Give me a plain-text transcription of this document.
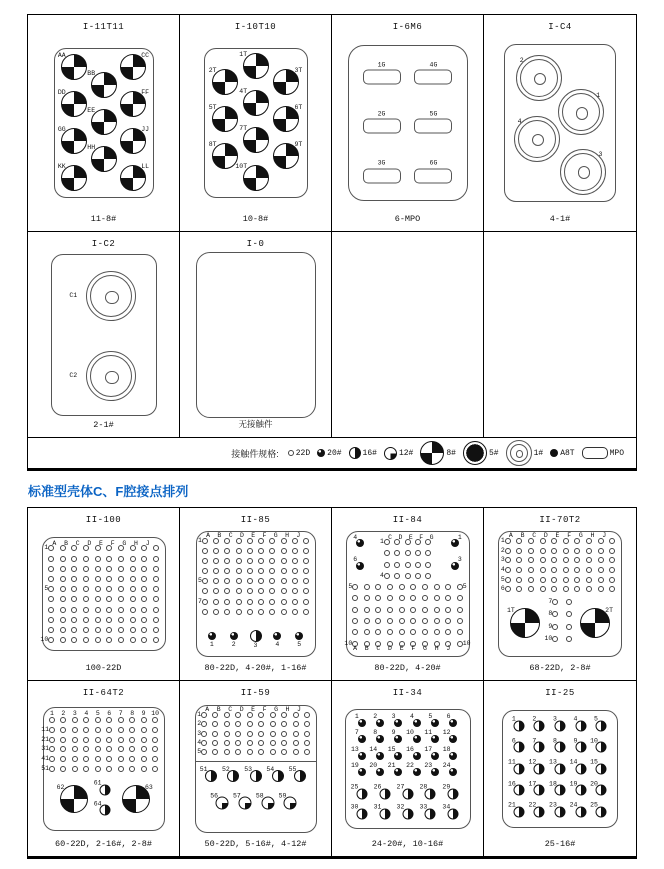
I-11T11
AA	CC
BB
DD	FF
EE
GG	JJ
HH
KK	LL
11-8#
I-10T10
1T
2T	3T
4T
5T	6T
7T
8T	9T
10T
10-8#
I-6M6
1G	4G
2G	5G
3G	6G
6-MPO
I-C4
2
1
4
3
4-1#
I-C2
C1
C2
2-1#
I-0
无接触件
接触件规格: 22D 20#	16#	12#	8#	5#	1# A8T	MPO
标准型壳体C、F腔接点排列
II-100
A
1
B C D E F G H J
5
10
100-22D
II-85
A
1
B C D E F G H J
5
7
1	2	3	4	5
80-22D, 4-20#, 1-16#
II-84
4	1
6	3
C
1
D E F G
4
5	5
10
A B C D E F G H J
10
80-22D, 4-20#
II-70T2
A
1
B C D E F G H J
2
3
4
5
6
7
8
9
10
1T	2T
68-22D, 2-8#
II-64T2
1 2 3 4 5 6 7 8 9 10
11
21
31
41
51
62
61
64
63
60-22D, 2-16#, 2-8#
II-59
A
1
B C D E F G H J
2
3
4
5
51 52 53 54 55
56 57 58 59
50-22D, 5-16#, 4-12#
II-34
1 2 3 4 5 6
7 8 9 10 11 12
13 14 15 16 17 18
19 20 21 22 23 24
25 26 27 28 29
30 31 32 33 34
24-20#, 10-16#
II-25
1	2	3	4	5
6	7	8	9 10
11 12 13 14 15
16 17 18 19 20
21 22 23 24 25
25-16#
